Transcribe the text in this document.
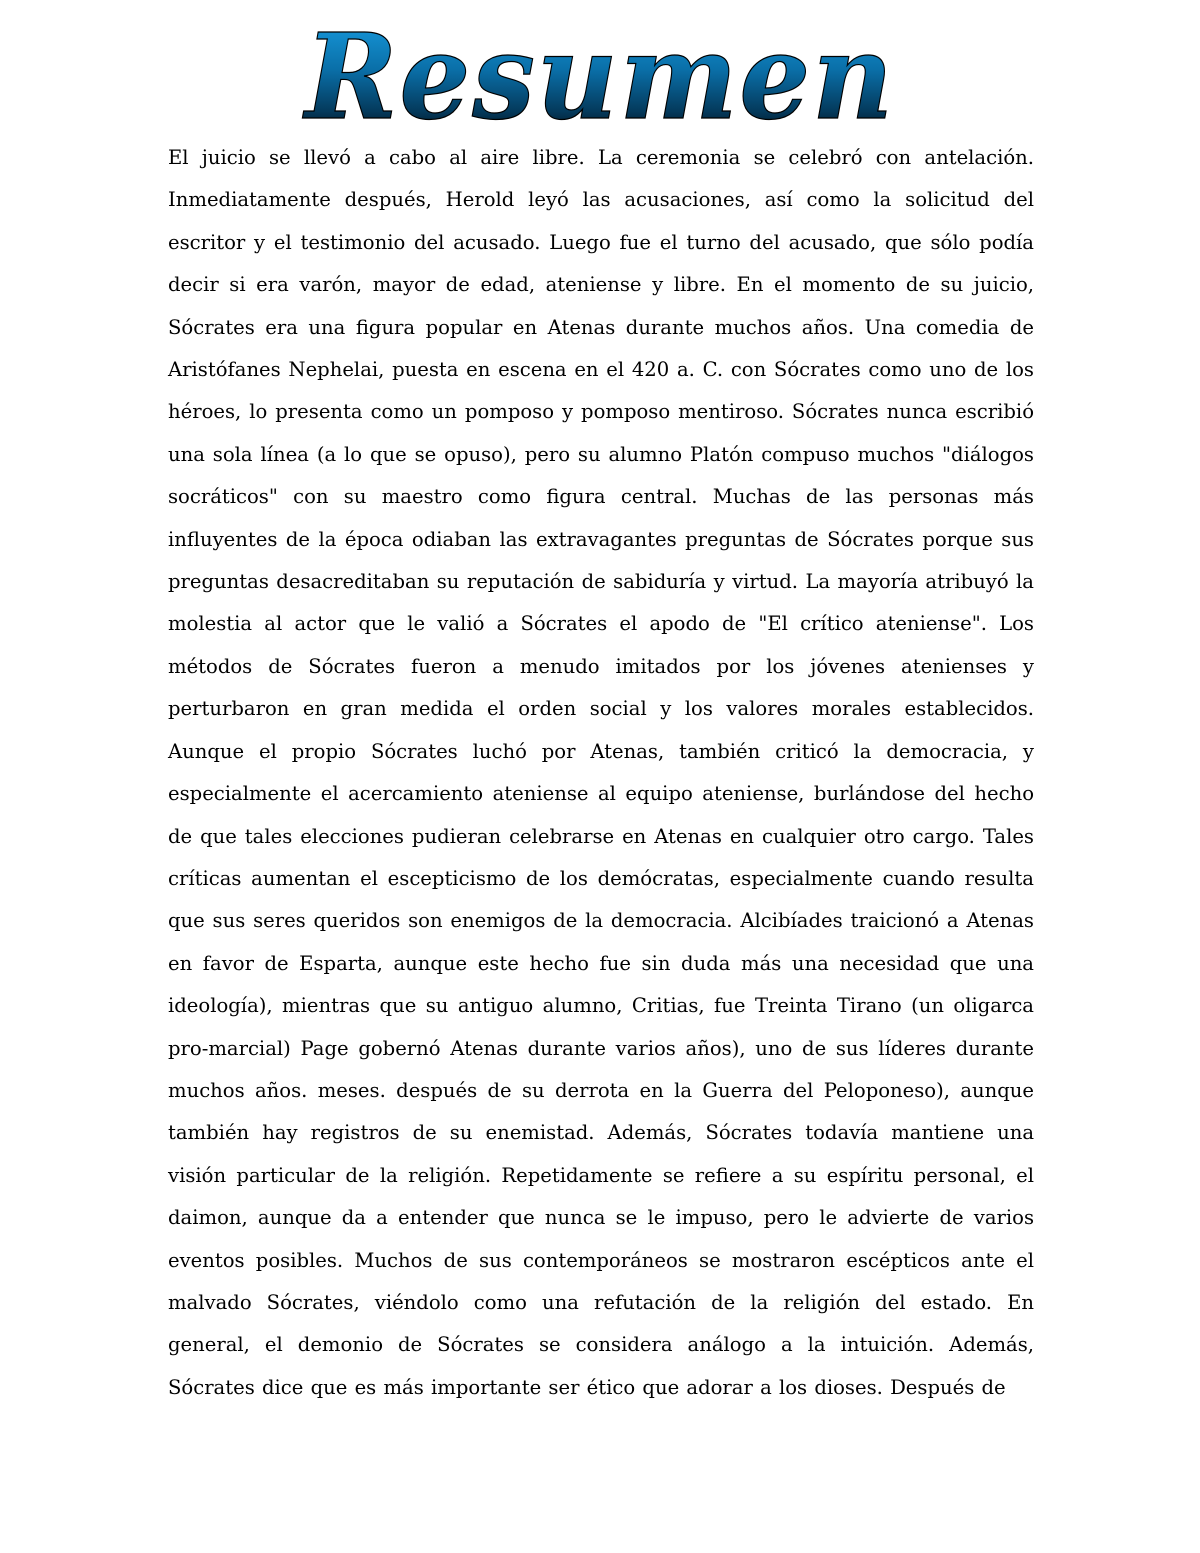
Resumen

El juicio se llevó a cabo al aire libre. La ceremonia se celebró con antelación. Inmediatamente después, Herold leyó las acusaciones, así como la solicitud del escritor y el testimonio del acusado. Luego fue el turno del acusado, que sólo podía decir si era varón, mayor de edad, ateniense y libre. En el momento de su juicio, Sócrates era una figura popular en Atenas durante muchos años. Una comedia de Aristófanes Nephelai, puesta en escena en el 420 a. C. con Sócrates como uno de los héroes, lo presenta como un pomposo y pomposo mentiroso. Sócrates nunca escribió una sola línea (a lo que se opuso), pero su alumno Platón compuso muchos "diálogos socráticos" con su maestro como figura central. Muchas de las personas más influyentes de la época odiaban las extravagantes preguntas de Sócrates porque sus preguntas desacreditaban su reputación de sabiduría y virtud. La mayoría atribuyó la molestia al actor que le valió a Sócrates el apodo de "El crítico ateniense". Los métodos de Sócrates fueron a menudo imitados por los jóvenes atenienses y perturbaron en gran medida el orden social y los valores morales establecidos. Aunque el propio Sócrates luchó por Atenas, también criticó la democracia, y especialmente el acercamiento ateniense al equipo ateniense, burlándose del hecho de que tales elecciones pudieran celebrarse en Atenas en cualquier otro cargo. Tales críticas aumentan el escepticismo de los demócratas, especialmente cuando resulta que sus seres queridos son enemigos de la democracia. Alcibíades traicionó a Atenas en favor de Esparta, aunque este hecho fue sin duda más una necesidad que una ideología), mientras que su antiguo alumno, Critias, fue Treinta Tirano (un oligarca pro-marcial) Page gobernó Atenas durante varios años), uno de sus líderes durante muchos años. meses. después de su derrota en la Guerra del Peloponeso), aunque también hay registros de su enemistad. Además, Sócrates todavía mantiene una visión particular de la religión. Repetidamente se refiere a su espíritu personal, el daimon, aunque da a entender que nunca se le impuso, pero le advierte de varios eventos posibles. Muchos de sus contemporáneos se mostraron escépticos ante el malvado Sócrates, viéndolo como una refutación de la religión del estado. En general, el demonio de Sócrates se considera análogo a la intuición. Además, Sócrates dice que es más importante ser ético que adorar a los dioses. Después de
